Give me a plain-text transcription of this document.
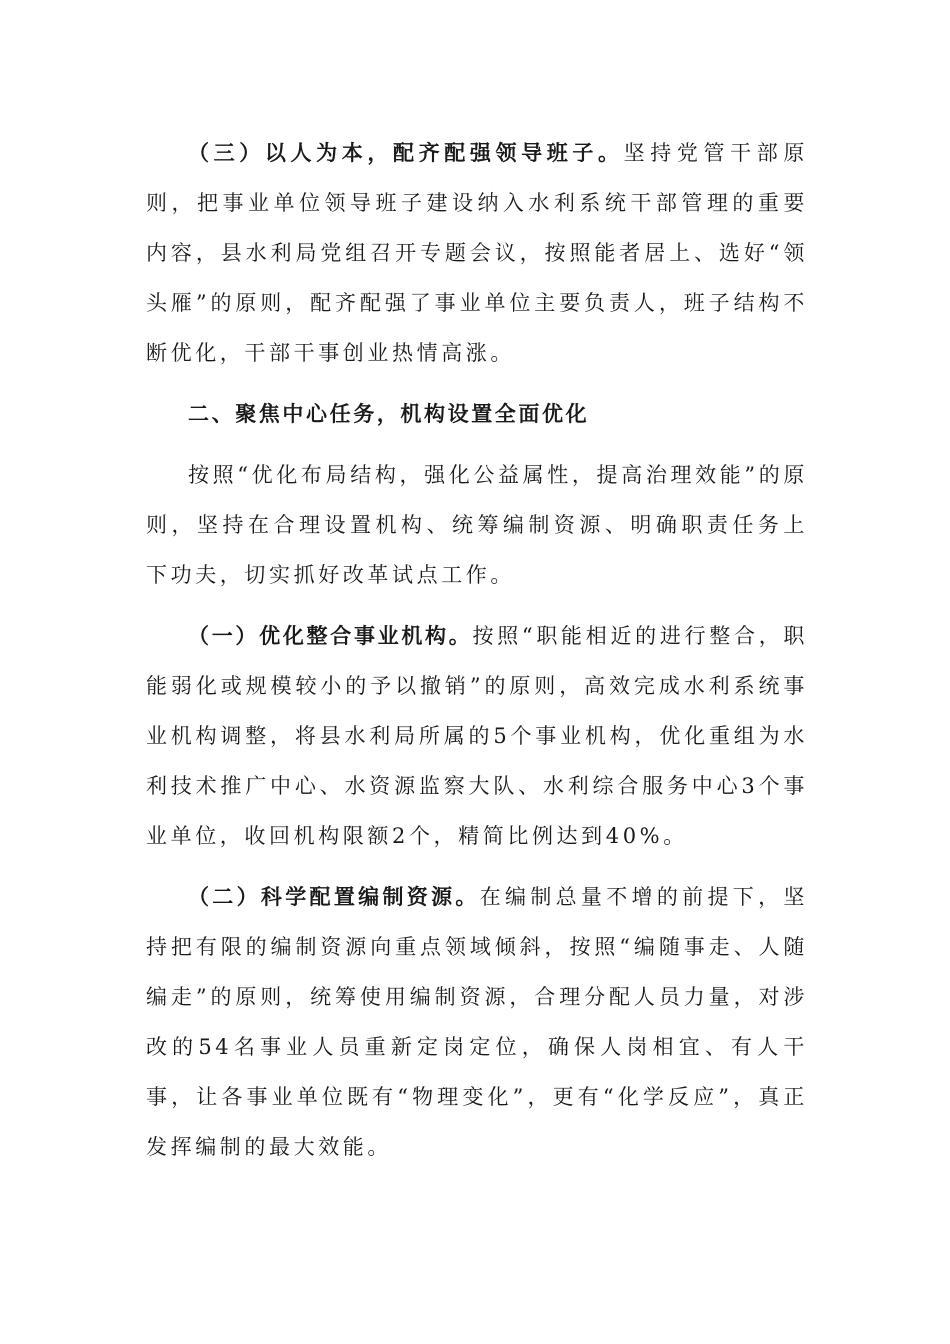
（三）以人为本，配齐配强领导班子。坚持党管干部原则，把事业单位领导班子建设纳入水利系统干部管理的重要内容，县水利局党组召开专题会议，按照能者居上、选好“领头雁”的原则，配齐配强了事业单位主要负责人，班子结构不断优化，干部干事创业热情高涨。

二、聚焦中心任务，机构设置全面优化

按照“优化布局结构，强化公益属性，提高治理效能”的原则，坚持在合理设置机构、统筹编制资源、明确职责任务上下功夫，切实抓好改革试点工作。

（一）优化整合事业机构。按照“职能相近的进行整合，职能弱化或规模较小的予以撤销”的原则，高效完成水利系统事业机构调整，将县水利局所属的5个事业机构，优化重组为水利技术推广中心、水资源监察大队、水利综合服务中心3个事业单位，收回机构限额2个，精简比例达到40%。

（二）科学配置编制资源。在编制总量不增的前提下，坚持把有限的编制资源向重点领域倾斜，按照“编随事走、人随编走”的原则，统筹使用编制资源，合理分配人员力量，对涉改的54名事业人员重新定岗定位，确保人岗相宜、有人干事，让各事业单位既有“物理变化”，更有“化学反应”，真正发挥编制的最大效能。
